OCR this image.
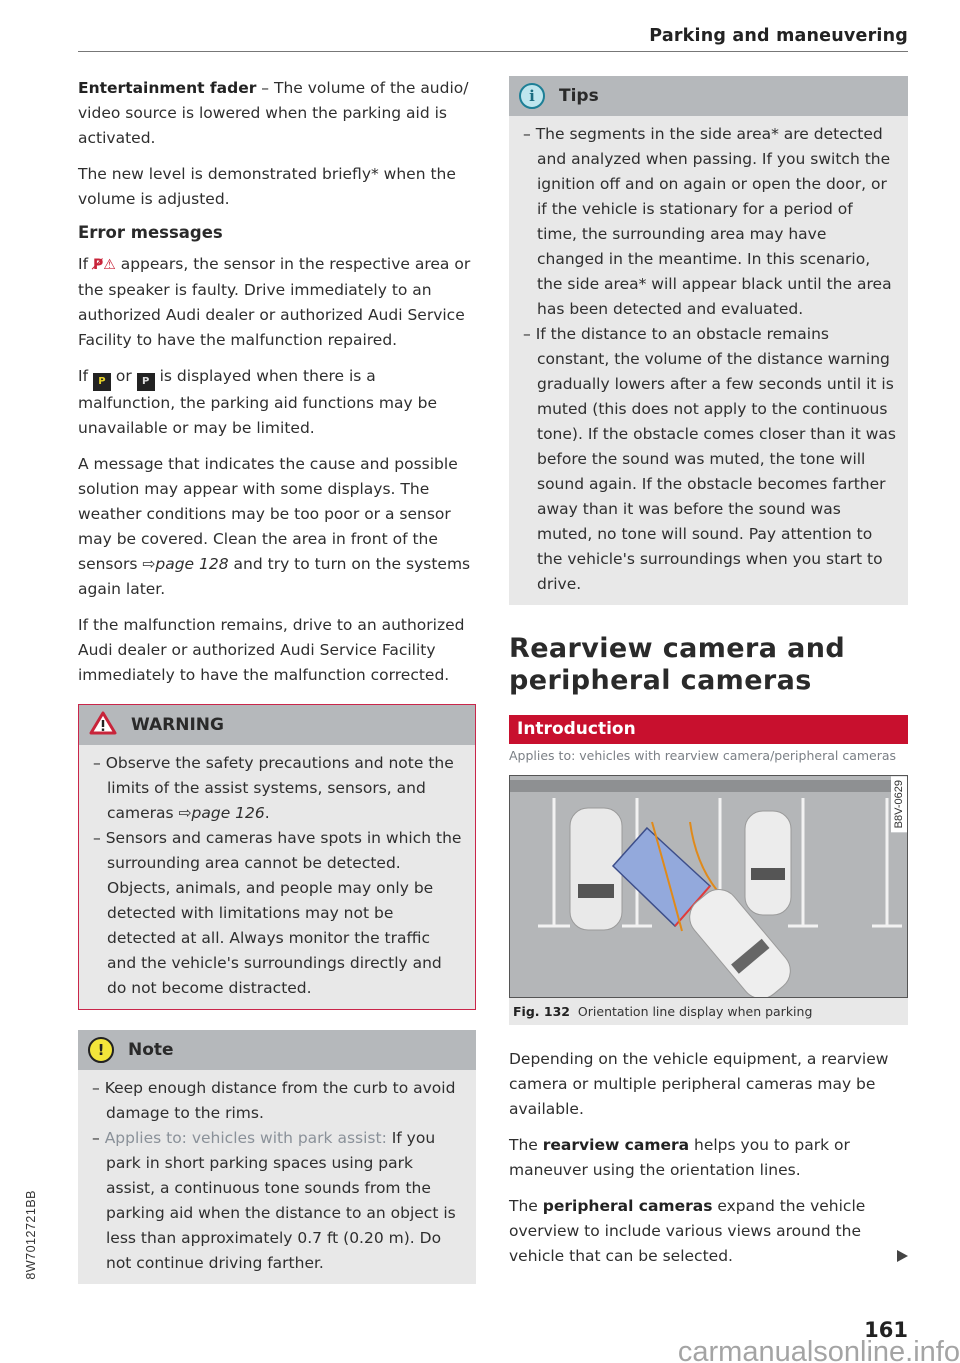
Parking and maneuvering

Entertainment fader – The volume of the audio/ video source is lowered when the parking aid is activated.

The new level is demonstrated briefly* when the volume is adjusted.

Error messages

If P̸⚠ appears, the sensor in the respective area or the speaker is faulty. Drive immediately to an authorized Audi dealer or authorized Audi Service Facility to have the malfunction repaired.

If P or P is displayed when there is a malfunction, the parking aid functions may be unavailable or may be limited.

A message that indicates the cause and possible solution may appear with some displays. The weather conditions may be too poor or a sensor may be covered. Clean the area in front of the sensors ⇨page 128 and try to turn on the systems again later.

If the malfunction remains, drive to an authorized Audi dealer or authorized Audi Service Facility immediately to have the malfunction corrected.

WARNING
– Observe the safety precautions and note the limits of the assist systems, sensors, and cameras ⇨page 126.
– Sensors and cameras have spots in which the surrounding area cannot be detected. Objects, animals, and people may only be detected with limitations may not be detected at all. Always monitor the traffic and the vehicle's surroundings directly and do not become distracted.
!	Note
– Keep enough distance from the curb to avoid damage to the rims.
– Applies to: vehicles with park assist: If you park in short parking spaces using park assist, a continuous tone sounds from the parking aid when the distance to an object is less than approximately 0.7 ft (0.20 m). Do not continue driving farther.
i	Tips
– The segments in the side area* are detected and analyzed when passing. If you switch the ignition off and on again or open the door, or if the vehicle is stationary for a period of time, the surrounding area may have changed in the meantime. In this scenario, the side area* will appear black until the area has been detected and evaluated.
– If the distance to an obstacle remains constant, the volume of the distance warning gradually lowers after a few seconds until it is muted (this does not apply to the continuous tone). If the obstacle comes closer than it was before the sound was muted, the tone will sound again. If the obstacle becomes farther away than it was before the sound was muted, no tone will sound. Pay attention to the vehicle's surroundings when you start to drive.
Rearview camera and peripheral cameras
Introduction
Applies to: vehicles with rearview camera/peripheral cameras
B8V-0629
Fig. 132 Orientation line display when parking

Depending on the vehicle equipment, a rearview camera or multiple peripheral cameras may be available.

The rearview camera helps you to park or maneuver using the orientation lines.

The peripheral cameras expand the vehicle overview to include various views around the vehicle that can be selected.

8W7012721BB
161
carmanualsonline.info
